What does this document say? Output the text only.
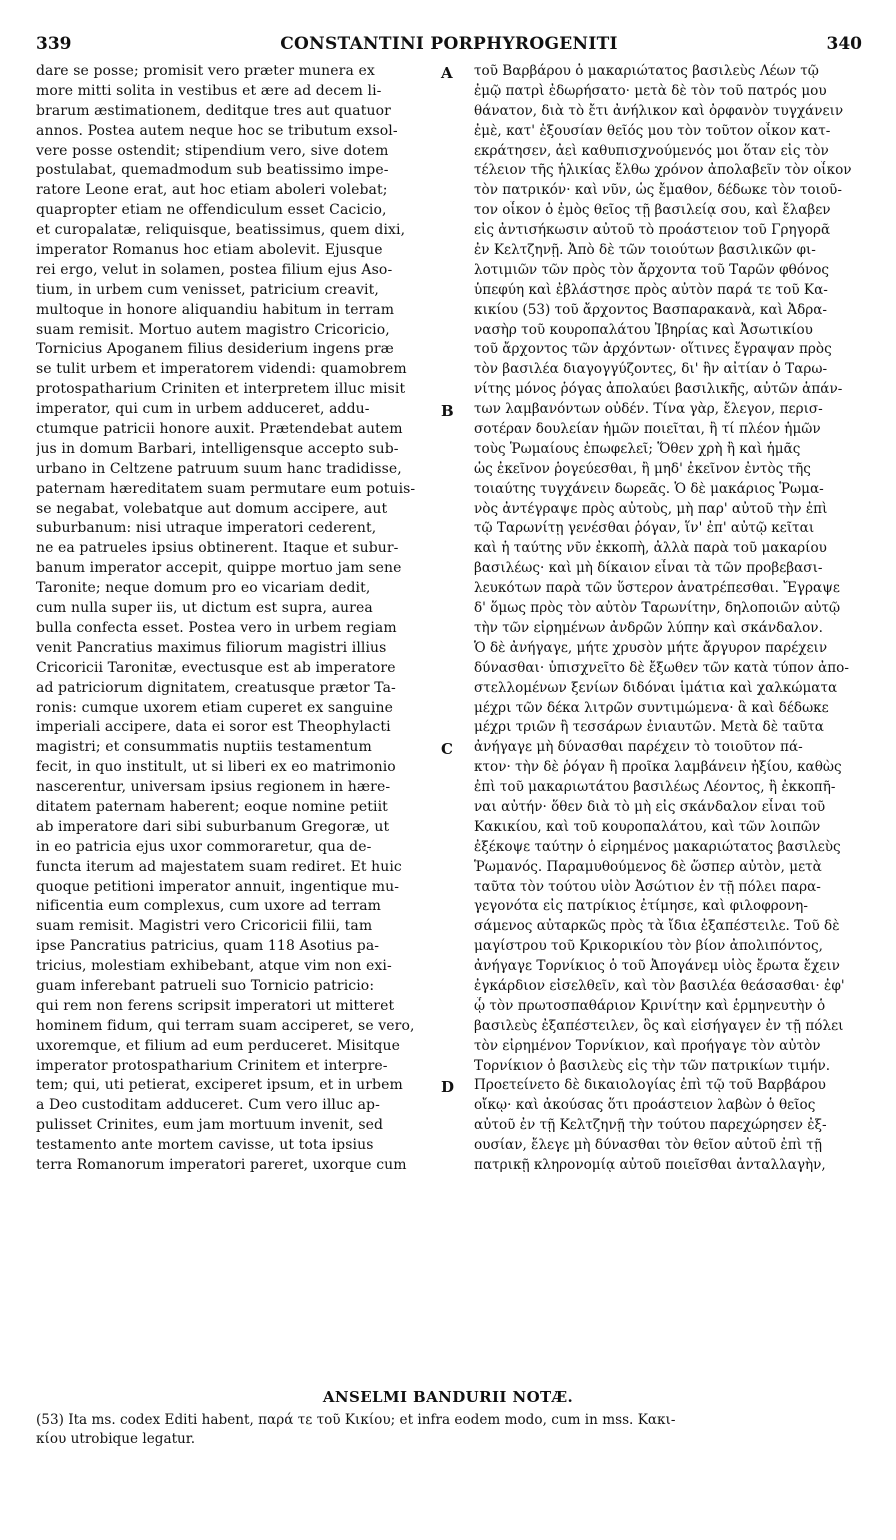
339	CONSTANTINI PORPHYROGENITI	340
dare se posse; promisit vero præter munera ex
more mitti solita in vestibus et ære ad decem li-
brarum æstimationem, deditque tres aut quatuor
annos. Postea autem neque hoc se tributum exsol-
vere posse ostendit; stipendium vero, sive dotem
postulabat, quemadmodum sub beatissimo impe-
ratore Leone erat, aut hoc etiam aboleri volebat;
quapropter etiam ne offendiculum esset Cacicio,
et curopalatæ, reliquisque, beatissimus, quem dixi,
imperator Romanus hoc etiam abolevit. Ejusque
rei ergo, velut in solamen, postea filium ejus Aso-
tium, in urbem cum venisset, patricium creavit,
multoque in honore aliquandiu habitum in terram
suam remisit. Mortuo autem magistro Cricoricio,
Tornicius Apoganem filius desiderium ingens præ
se tulit urbem et imperatorem videndi: quamobrem
protospatharium Criniten et interpretem illuc misit
imperator, qui cum in urbem adduceret, addu-
ctumque patricii honore auxit. Prætendebat autem
jus in domum Barbari, intelligensque accepto sub-
urbano in Celtzene patruum suum hanc tradidisse,
paternam hæreditatem suam permutare eum potuis-
se negabat, volebatque aut domum accipere, aut
suburbanum: nisi utraque imperatori cederent,
ne ea patrueles ipsius obtinerent. Itaque et subur-
banum imperator accepit, quippe mortuo jam sene
Taronite; neque domum pro eo vicariam dedit,
cum nulla super iis, ut dictum est supra, aurea
bulla confecta esset. Postea vero in urbem regiam
venit Pancratius maximus filiorum magistri illius
Cricoricii Taronitæ, evectusque est ab imperatore
ad patriciorum dignitatem, creatusque prætor Ta-
ronis: cumque uxorem etiam cuperet ex sanguine
imperiali accipere, data ei soror est Theophylacti
magistri; et consummatis nuptiis testamentum
fecit, in quo institult, ut si liberi ex eo matrimonio
nascerentur, universam ipsius regionem in hære-
ditatem paternam haberent; eoque nomine petiit
ab imperatore dari sibi suburbanum Gregoræ, ut
in eo patricia ejus uxor commoraretur, qua de-
functa iterum ad majestatem suam rediret. Et huic
quoque petitioni imperator annuit, ingentique mu-
nificentia eum complexus, cum uxore ad terram
suam remisit. Magistri vero Cricoricii filii, tam
ipse Pancratius patricius, quam 118 Asotius pa-
tricius, molestiam exhibebant, atque vim non exi-
guam inferebant patrueli suo Tornicio patricio:
qui rem non ferens scripsit imperatori ut mitteret
hominem fidum, qui terram suam acciperet, se vero,
uxoremque, et filium ad eum perduceret. Misitque
imperator protospatharium Crinitem et interpre-
tem; qui, uti petierat, exciperet ipsum, et in urbem
a Deo custoditam adduceret. Cum vero illuc ap-
pulisset Crinites, eum jam mortuum invenit, sed
testamento ante mortem cavisse, ut tota ipsius
terra Romanorum imperatori pareret, uxorque cum
τοῦ Βαρβάρου ὁ μακαριώτατος βασιλεὺς Λέων τῷ
ἐμῷ πατρὶ ἐδωρήσατο· μετὰ δὲ τὸν τοῦ πατρός μου
θάνατον, διὰ τὸ ἔτι ἀνήλικον καὶ ὀρφανὸν τυγχάνειν
ἐμὲ, κατ' ἐξουσίαν θεῖός μου τὸν τοῦτον οἶκον κατ-
εκράτησεν, ἀεὶ καθυπισχνούμενός μοι ὅταν εἰς τὸν
τέλειον τῆς ἡλικίας ἔλθω χρόνον ἀπολαβεῖν τὸν οἶκον
τὸν πατρικόν· καὶ νῦν, ὡς ἔμαθον, δέδωκε τὸν τοιοῦ-
τον οἶκον ὁ ἐμὸς θεῖος τῇ βασιλείᾳ σου, καὶ ἔλαβεν
εἰς ἀντισήκωσιν αὐτοῦ τὸ προάστειον τοῦ Γρηγορᾶ
ἐν Κελτζηνῇ. Ἀπὸ δὲ τῶν τοιούτων βασιλικῶν φι-
λοτιμιῶν τῶν πρὸς τὸν ἄρχοντα τοῦ Ταρῶν φθόνος
ὑπεφύη καὶ ἐβλάστησε πρὸς αὐτὸν παρά τε τοῦ Κα-
κικίου (53) τοῦ ἄρχοντος Βασπαρακανὰ, καὶ Ἀδρα-
νασὴρ τοῦ κουροπαλάτου Ἰβηρίας καὶ Ἀσωτικίου
τοῦ ἄρχοντος τῶν ἀρχόντων· οἵτινες ἔγραψαν πρὸς
τὸν βασιλέα διαγογγύζοντες, δι' ἣν αἰτίαν ὁ Ταρω-
νίτης μόνος ῥόγας ἀπολαύει βασιλικῆς, αὐτῶν ἁπάν-
των λαμβανόντων οὐδέν. Τίνα γὰρ, ἔλεγον, περισ-
σοτέραν δουλείαν ἡμῶν ποιεῖται, ἢ τί πλέον ἡμῶν
τοὺς Ῥωμαίους ἐπωφελεῖ; Ὅθεν χρὴ ἢ καὶ ἡμᾶς
ὡς ἐκεῖνον ῥογεύεσθαι, ἢ μηδ' ἐκεῖνον ἐντὸς τῆς
τοιαύτης τυγχάνειν δωρεᾶς. Ὁ δὲ μακάριος Ῥωμα-
νὸς ἀντέγραψε πρὸς αὐτοὺς, μὴ παρ' αὐτοῦ τὴν ἐπὶ
τῷ Ταρωνίτῃ γενέσθαι ῥόγαν, ἵν' ἐπ' αὐτῷ κεῖται
καὶ ἡ ταύτης νῦν ἐκκοπὴ, ἀλλὰ παρὰ τοῦ μακαρίου
βασιλέως· καὶ μὴ δίκαιον εἶναι τὰ τῶν προβεβασι-
λευκότων παρὰ τῶν ὕστερον ἀνατρέπεσθαι. Ἔγραψε
δ' ὅμως πρὸς τὸν αὐτὸν Ταρωνίτην, δηλοποιῶν αὐτῷ
τὴν τῶν εἰρημένων ἀνδρῶν λύπην καὶ σκάνδαλον.
Ὁ δὲ ἀνήγαγε, μήτε χρυσὸν μήτε ἄργυρον παρέχειν
δύνασθαι· ὑπισχνεῖτο δὲ ἔξωθεν τῶν κατὰ τύπον ἀπο-
στελλομένων ξενίων διδόναι ἱμάτια καὶ χαλκώματα
μέχρι τῶν δέκα λιτρῶν συντιμώμενα· ἃ καὶ δέδωκε
μέχρι τριῶν ἢ τεσσάρων ἐνιαυτῶν. Μετὰ δὲ ταῦτα
ἀνήγαγε μὴ δύνασθαι παρέχειν τὸ τοιοῦτον πά-
κτον· τὴν δὲ ῥόγαν ἢ προῖκα λαμβάνειν ἠξίου, καθὼς
ἐπὶ τοῦ μακαριωτάτου βασιλέως Λέοντος, ἢ ἐκκοπῆ-
ναι αὐτήν· ὅθεν διὰ τὸ μὴ εἰς σκάνδαλον εἶναι τοῦ
Κακικίου, καὶ τοῦ κουροπαλάτου, καὶ τῶν λοιπῶν
ἐξέκοψε ταύτην ὁ εἰρημένος μακαριώτατος βασιλεὺς
Ῥωμανός. Παραμυθούμενος δὲ ὥσπερ αὐτὸν, μετὰ
ταῦτα τὸν τούτου υἱὸν Ἀσώτιον ἐν τῇ πόλει παρα-
γεγονότα εἰς πατρίκιος ἐτίμησε, καὶ φιλοφρονη-
σάμενος αὐταρκῶς πρὸς τὰ ἴδια ἐξαπέστειλε. Τοῦ δὲ
μαγίστρου τοῦ Κρικορικίου τὸν βίον ἀπολιπόντος,
ἀνήγαγε Τορνίκιος ὁ τοῦ Ἀπογάνεμ υἱὸς ἔρωτα ἔχειν
ἐγκάρδιον εἰσελθεῖν, καὶ τὸν βασιλέα θεάσασθαι· ἐφ'
ᾧ τὸν πρωτοσπαθάριον Κρινίτην καὶ ἑρμηνευτὴν ὁ
βασιλεὺς ἐξαπέστειλεν, ὃς καὶ εἰσήγαγεν ἐν τῇ πόλει
τὸν εἰρημένον Τορνίκιον, καὶ προήγαγε τὸν αὐτὸν
Τορνίκιον ὁ βασιλεὺς εἰς τὴν τῶν πατρικίων τιμήν.
Προετείνετο δὲ δικαιολογίας ἐπὶ τῷ τοῦ Βαρβάρου
οἴκῳ· καὶ ἀκούσας ὅτι προάστειον λαβὼν ὁ θεῖος
αὐτοῦ ἐν τῇ Κελτζηνῇ τὴν τούτου παρεχώρησεν ἐξ-
ουσίαν, ἔλεγε μὴ δύνασθαι τὸν θεῖον αὐτοῦ ἐπὶ τῇ
πατρικῇ κληρονομίᾳ αὐτοῦ ποιεῖσθαι ἀνταλλαγὴν,
A
B
C
D
ANSELMI BANDURII NOTÆ.
(53) Ita ms. codex Editi habent, παρά τε τοῦ Κικίου; et infra eodem modo, cum in mss. Κακι-
κίου utrobique legatur.
